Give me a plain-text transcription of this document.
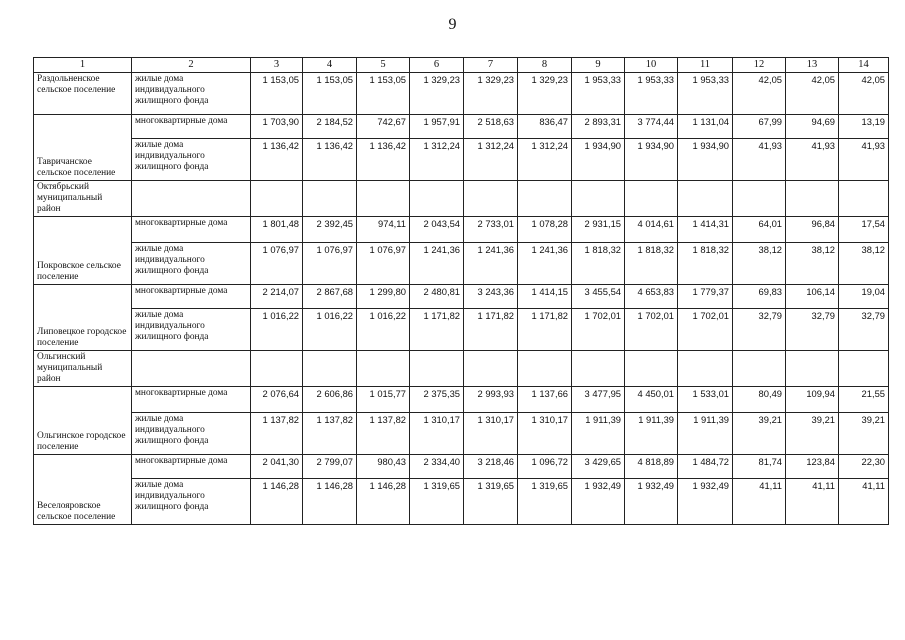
9
1	2	3	4	5	6	7	8	9	10	11	12	13	14
Раздольненское сельское поселение	жилые дома индивидуального жилищного фонда	1 153,05	1 153,05	1 153,05	1 329,23	1 329,23	1 329,23	1 953,33	1 953,33	1 953,33	42,05	42,05	42,05
Тавричанское сельское поселение	многоквартирные дома	1 703,90	2 184,52	742,67	1 957,91	2 518,63	836,47	2 893,31	3 774,44	1 131,04	67,99	94,69	13,19
	жилые дома индивидуального жилищного фонда	1 136,42	1 136,42	1 136,42	1 312,24	1 312,24	1 312,24	1 934,90	1 934,90	1 934,90	41,93	41,93	41,93
Октябрьский муниципальный район													
Покровское сельское поселение	многоквартирные дома	1 801,48	2 392,45	974,11	2 043,54	2 733,01	1 078,28	2 931,15	4 014,61	1 414,31	64,01	96,84	17,54
	жилые дома индивидуального жилищного фонда	1 076,97	1 076,97	1 076,97	1 241,36	1 241,36	1 241,36	1 818,32	1 818,32	1 818,32	38,12	38,12	38,12
Липовецкое городское поселение	многоквартирные дома	2 214,07	2 867,68	1 299,80	2 480,81	3 243,36	1 414,15	3 455,54	4 653,83	1 779,37	69,83	106,14	19,04
	жилые дома индивидуального жилищного фонда	1 016,22	1 016,22	1 016,22	1 171,82	1 171,82	1 171,82	1 702,01	1 702,01	1 702,01	32,79	32,79	32,79
Ольгинский муниципальный район													
Ольгинское городское поселение	многоквартирные дома	2 076,64	2 606,86	1 015,77	2 375,35	2 993,93	1 137,66	3 477,95	4 450,01	1 533,01	80,49	109,94	21,55
	жилые дома индивидуального жилищного фонда	1 137,82	1 137,82	1 137,82	1 310,17	1 310,17	1 310,17	1 911,39	1 911,39	1 911,39	39,21	39,21	39,21
Веселояровское сельское поселение	многоквартирные дома	2 041,30	2 799,07	980,43	2 334,40	3 218,46	1 096,72	3 429,65	4 818,89	1 484,72	81,74	123,84	22,30
	жилые дома индивидуального жилищного фонда	1 146,28	1 146,28	1 146,28	1 319,65	1 319,65	1 319,65	1 932,49	1 932,49	1 932,49	41,11	41,11	41,11
